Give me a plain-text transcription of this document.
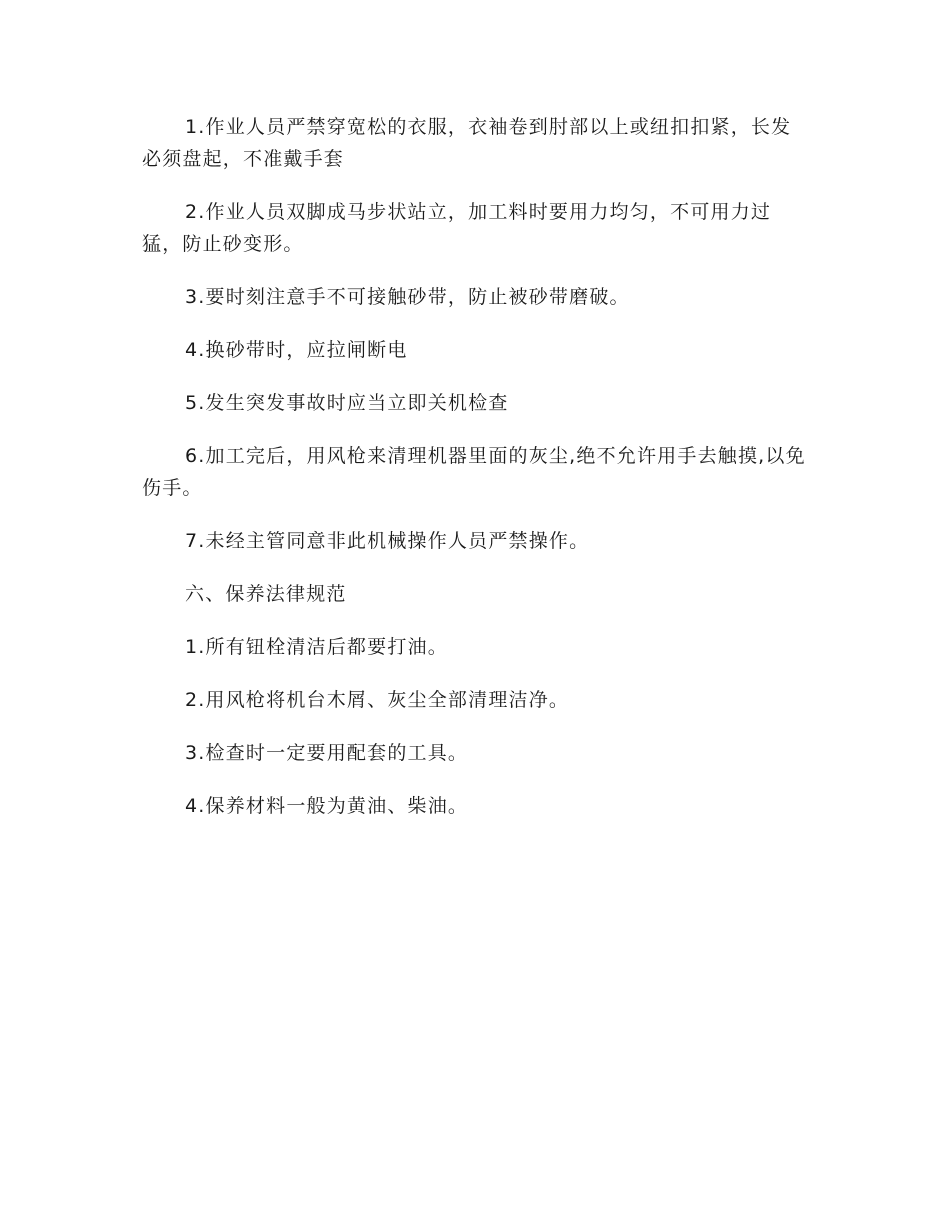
1.作业人员严禁穿宽松的衣服，衣袖卷到肘部以上或纽扣扣紧，长发必须盘起，不准戴手套

2.作业人员双脚成马步状站立，加工料时要用力均匀，不可用力过猛，防止砂变形。

3.要时刻注意手不可接触砂带，防止被砂带磨破。

4.换砂带时，应拉闸断电

5.发生突发事故时应当立即关机检查

6.加工完后，用风枪来清理机器里面的灰尘,绝不允许用手去触摸,以免伤手。

7.未经主管同意非此机械操作人员严禁操作。

六、保养法律规范

1.所有钮栓清洁后都要打油。

2.用风枪将机台木屑、灰尘全部清理洁净。

3.检查时一定要用配套的工具。

4.保养材料一般为黄油、柴油。
